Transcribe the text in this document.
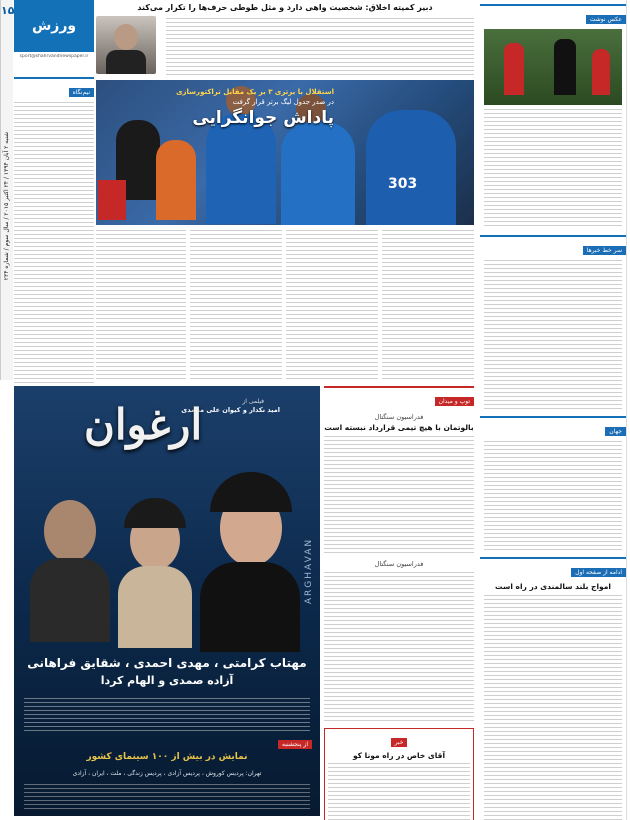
۱۵
شنبه ۲ آبان ۱۳۹۴ / ۲۴ اکتبر ۲۰۱۵ / سال سوم / شماره ۲۳۴
ورزش
sport@shahrvandnewspaper.ir
نیم‌نگاه
دبیر کمیته اخلاق: شخصیت واهی دارد و مثل طوطی حرف‌ها را تکرار می‌کند
303
استقلال با برتری ۳ بر یک مقابل تراکتورسازی
در صدر جدول لیگ برتر قرار گرفت
پاداش جوانگرایی
عکس نوشت
سر خط خبرها
جهان
ادامه از صفحه اول
امواج بلند سالمندی در راه است
توپ و میدان
فدراسیون سنگتال
بالوتمان با هیچ تیمی قرارداد نبسته است
فدراسیون سنگتال
خبر
آقای خاص در راه مونا کو
فیلمی از
امید نکدار و کیوان علی محمدی
ارغوان
ARGHAVAN
مهتاب کرامتی ، مهدی احمدی ، شقایق فراهانی
آزاده صمدی و الهام کردا
از پنجشنبه
نمایش در بیش از ۱۰۰ سینمای کشور
تهران: پردیس کوروش ، پردیس آزادی ، پردیس زندگی ، ملت ، ایران ، آزادی
